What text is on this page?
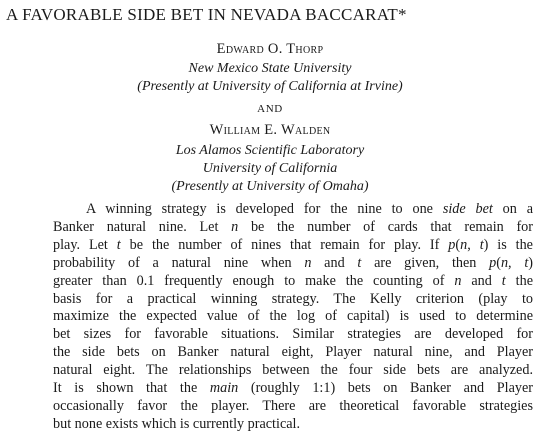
A FAVORABLE SIDE BET IN NEVADA BACCARAT*
Edward O. Thorp
New Mexico State University
(Presently at University of California at Irvine)
AND
William E. Walden
Los Alamos Scientific Laboratory
University of California
(Presently at University of Omaha)
A winning strategy is developed for the nine to one side bet on a
Banker natural nine. Let n be the number of cards that remain for
play. Let t be the number of nines that remain for play. If p(n, t) is the
probability of a natural nine when n and t are given, then p(n, t)
greater than 0.1 frequently enough to make the counting of n and t the
basis for a practical winning strategy. The Kelly criterion (play to
maximize the expected value of the log of capital) is used to determine
bet sizes for favorable situations. Similar strategies are developed for
the side bets on Banker natural eight, Player natural nine, and Player
natural eight. The relationships between the four side bets are analyzed.
It is shown that the main (roughly 1:1) bets on Banker and Player
occasionally favor the player. There are theoretical favorable strategies
but none exists which is currently practical.
